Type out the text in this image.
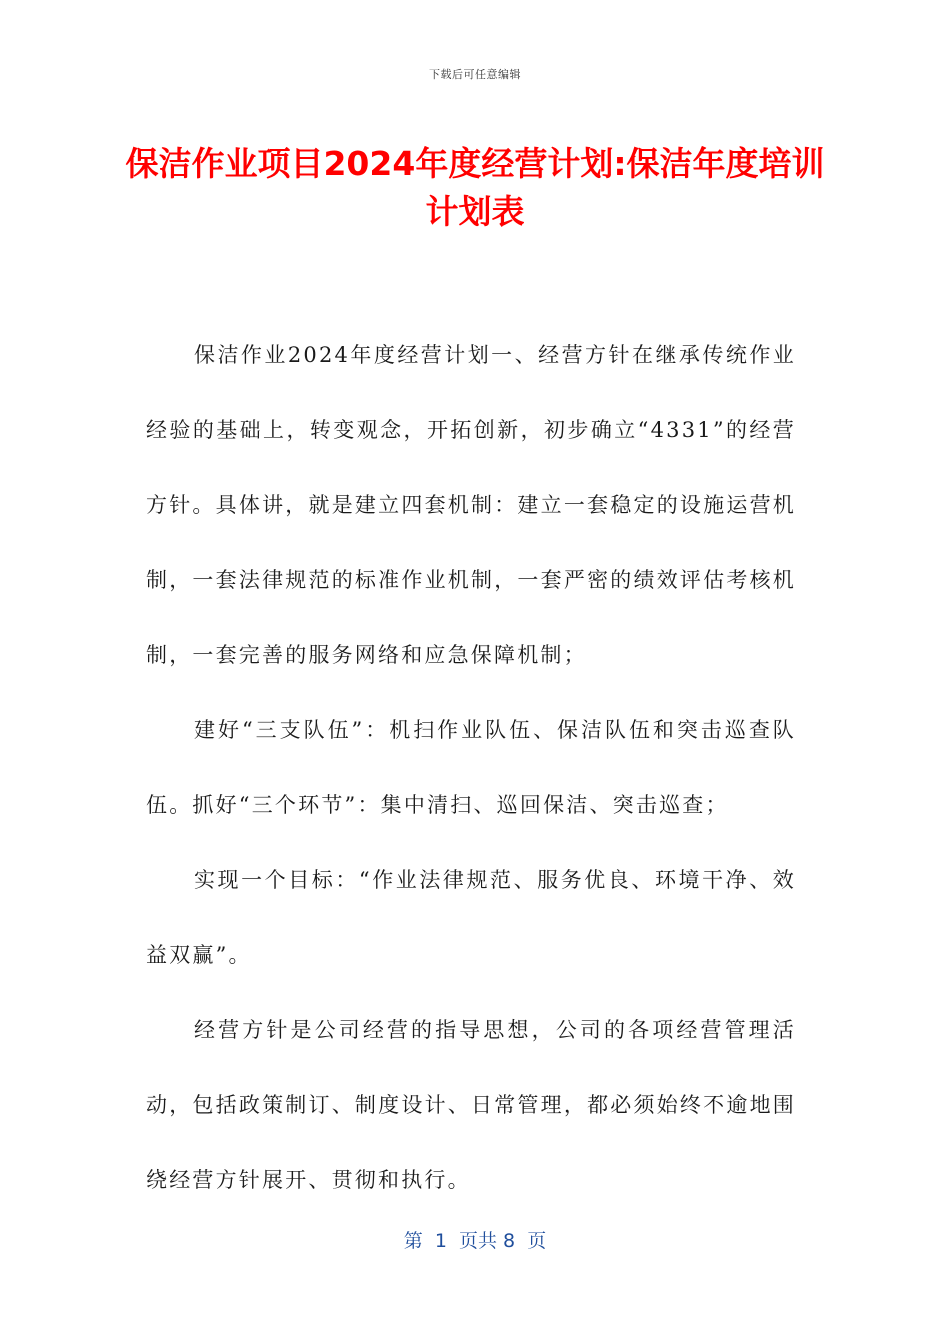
下载后可任意编辑
保洁作业项目2024年度经营计划:保洁年度培训计划表

保洁作业2024年度经营计划一、经营方针在继承传统作业经验的基础上，转变观念，开拓创新，初步确立“4331”的经营方针。具体讲，就是建立四套机制：建立一套稳定的设施运营机制，一套法律规范的标准作业机制，一套严密的绩效评估考核机制，一套完善的服务网络和应急保障机制；

建好“三支队伍”：机扫作业队伍、保洁队伍和突击巡查队伍。抓好“三个环节”：集中清扫、巡回保洁、突击巡查；

实现一个目标：“作业法律规范、服务优良、环境干净、效益双赢”。

经营方针是公司经营的指导思想，公司的各项经营管理活动，包括政策制订、制度设计、日常管理，都必须始终不逾地围绕经营方针展开、贯彻和执行。

第  1  页共 8  页
